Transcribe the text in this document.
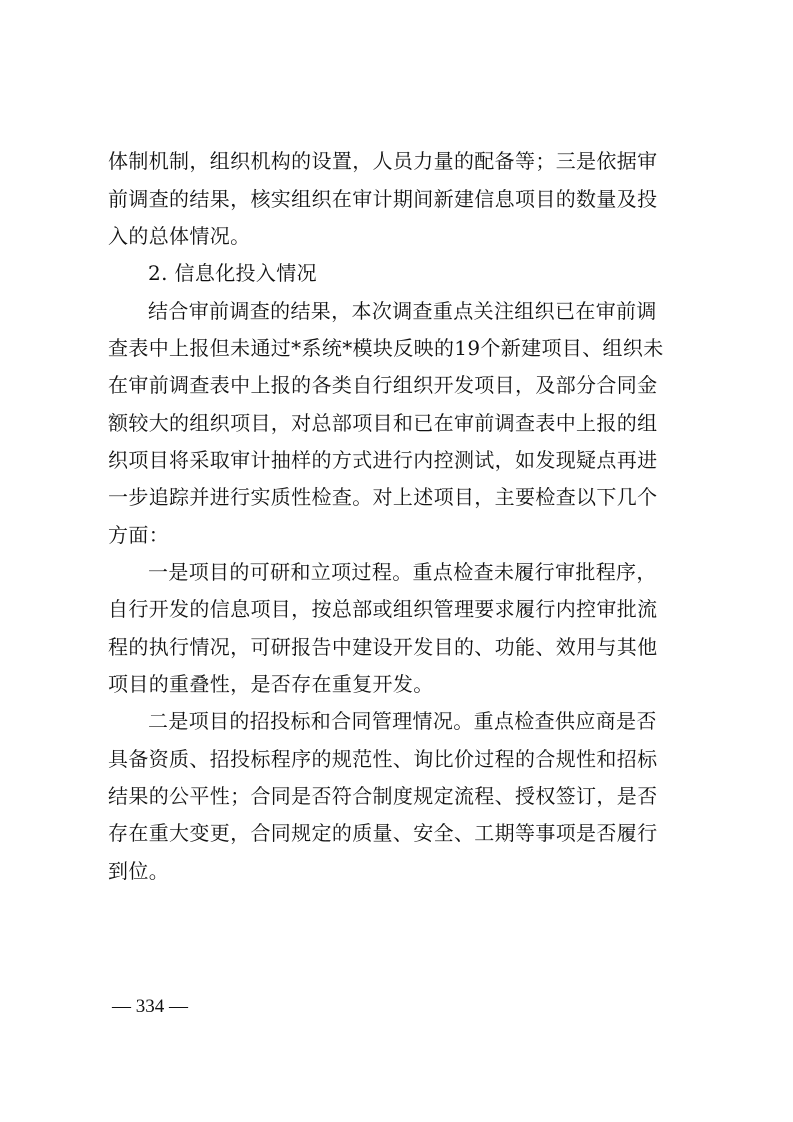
体制机制，组织机构的设置，人员力量的配备等；三是依据审
前调查的结果，核实组织在审计期间新建信息项目的数量及投
入的总体情况。
2. 信息化投入情况
结合审前调查的结果，本次调查重点关注组织已在审前调
查表中上报但未通过*系统*模块反映的19个新建项目、组织未
在审前调查表中上报的各类自行组织开发项目，及部分合同金
额较大的组织项目，对总部项目和已在审前调查表中上报的组
织项目将采取审计抽样的方式进行内控测试，如发现疑点再进
一步追踪并进行实质性检查。对上述项目，主要检查以下几个
方面：
一是项目的可研和立项过程。重点检查未履行审批程序，
自行开发的信息项目，按总部或组织管理要求履行内控审批流
程的执行情况，可研报告中建设开发目的、功能、效用与其他
项目的重叠性，是否存在重复开发。
二是项目的招投标和合同管理情况。重点检查供应商是否
具备资质、招投标程序的规范性、询比价过程的合规性和招标
结果的公平性；合同是否符合制度规定流程、授权签订，是否
存在重大变更，合同规定的质量、安全、工期等事项是否履行
到位。
— 334 —
